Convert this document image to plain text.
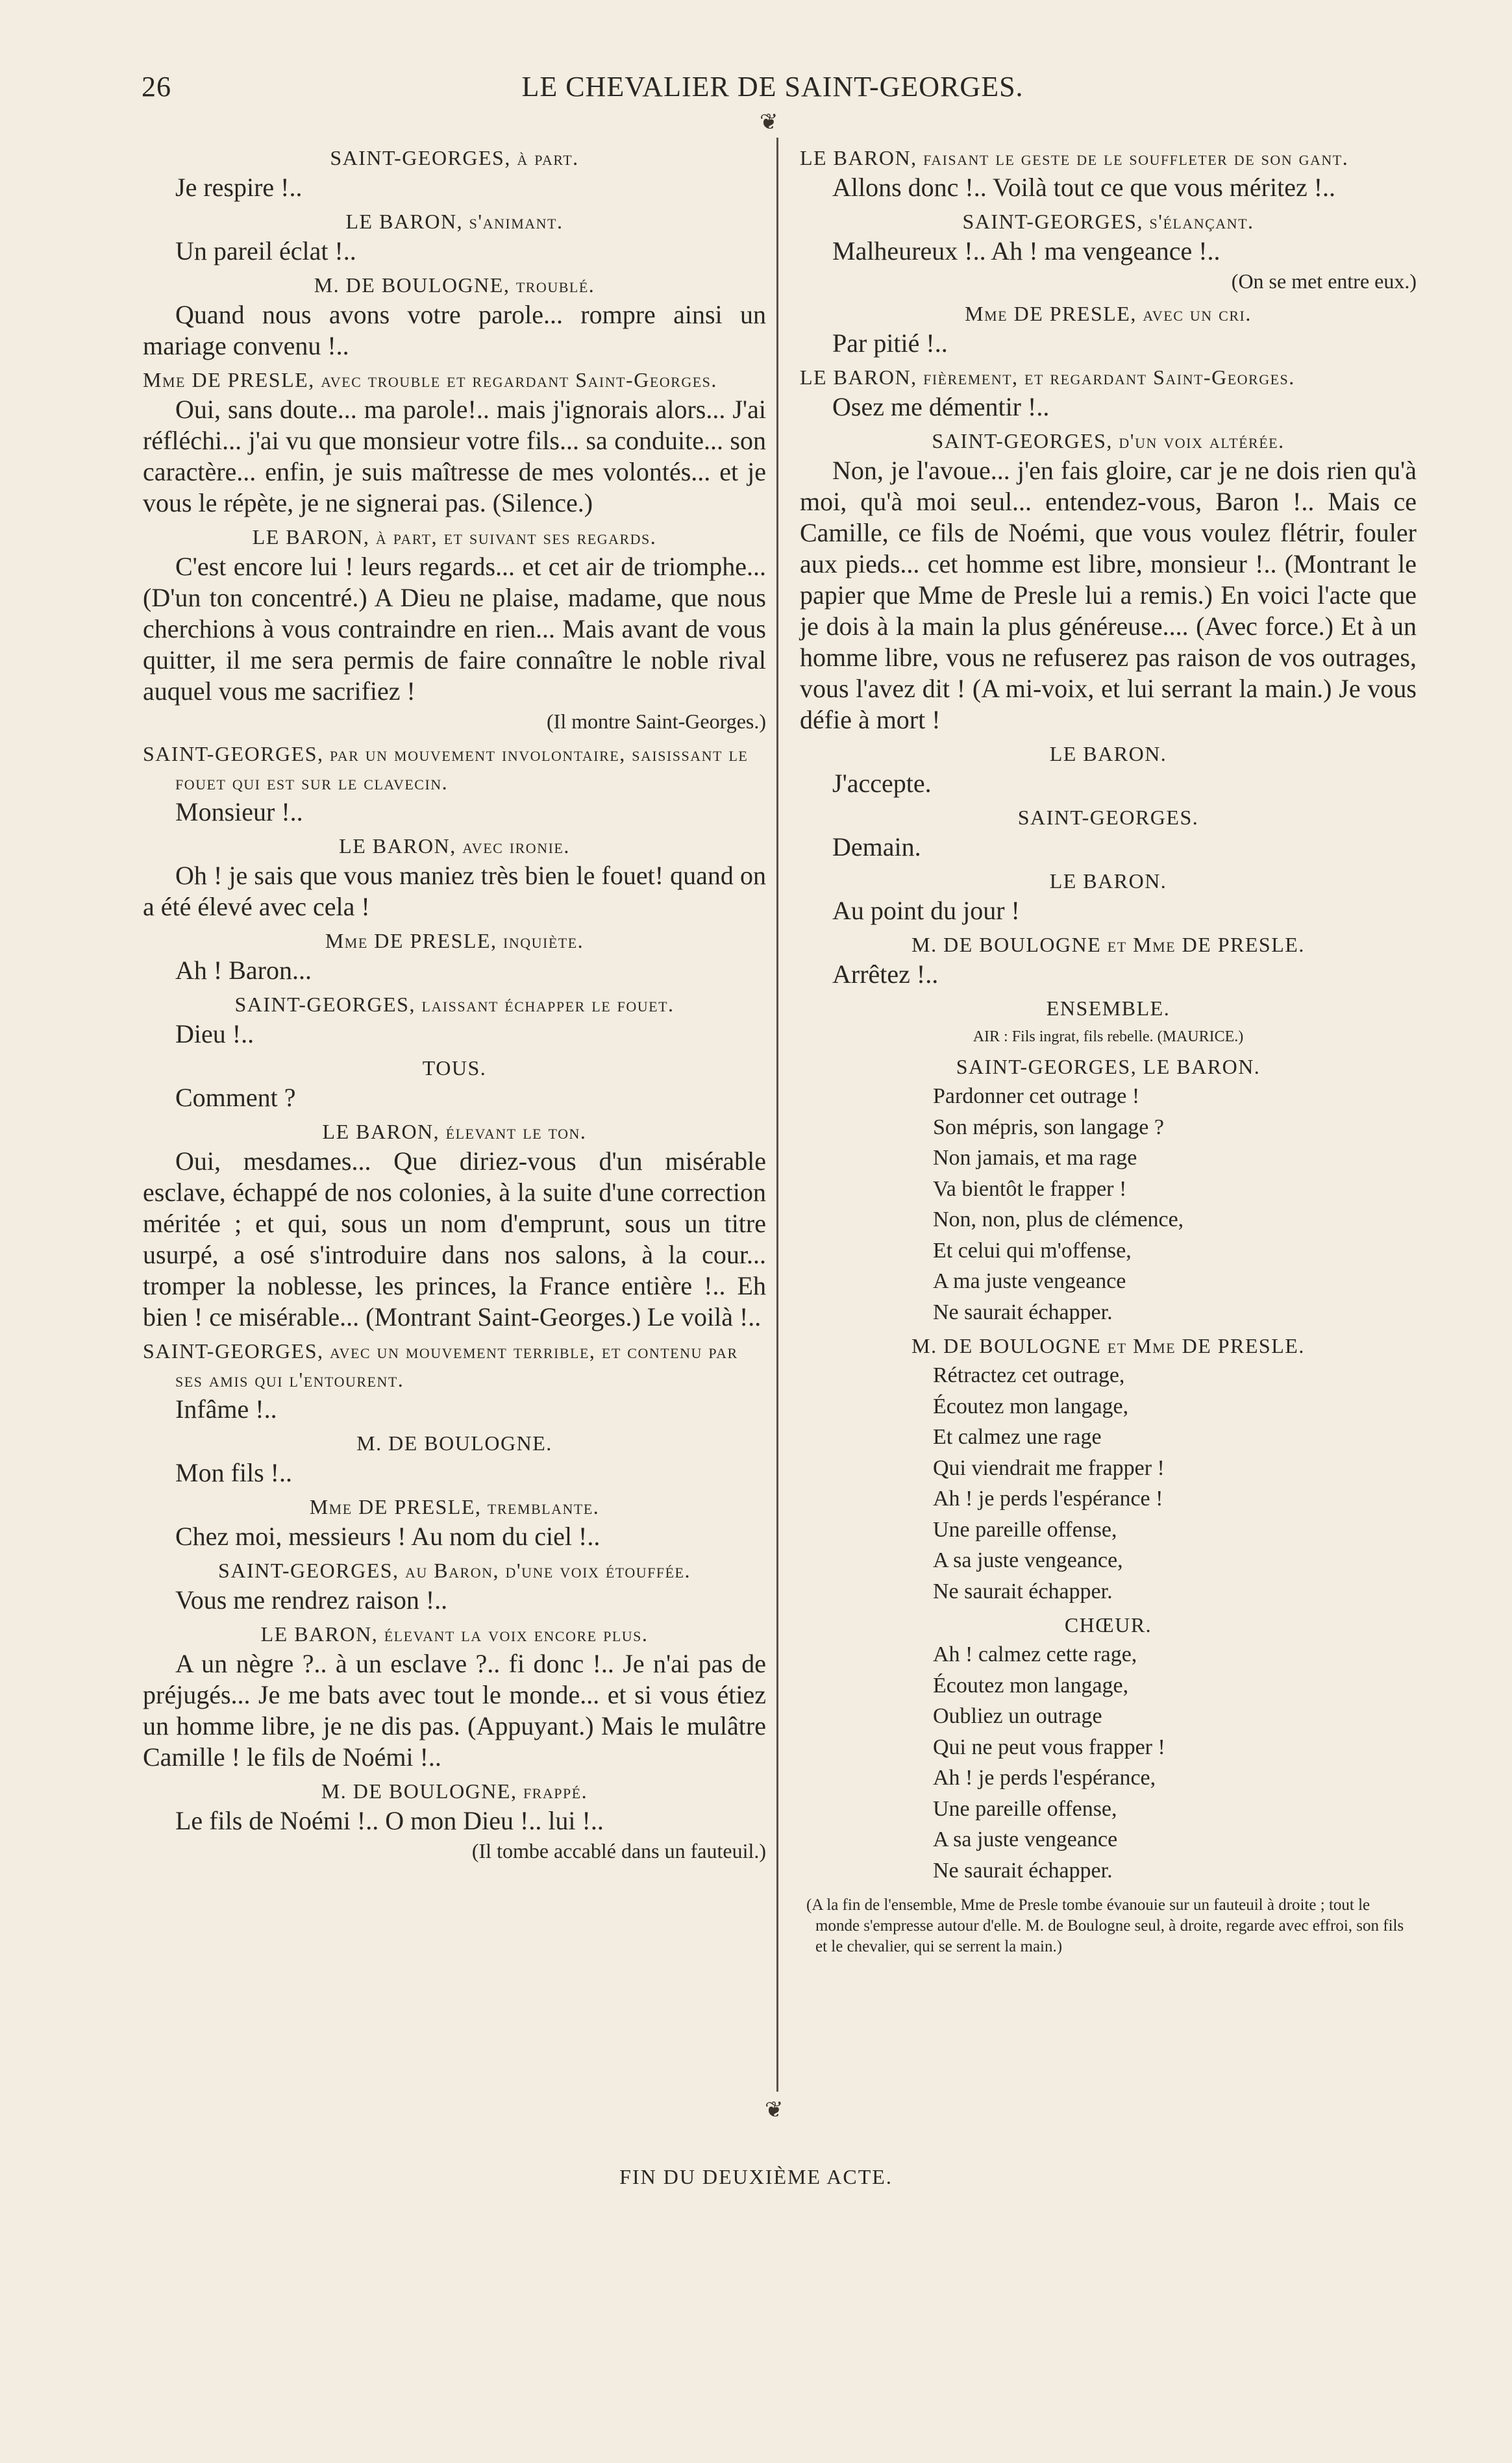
26	LE CHEVALIER DE SAINT-GEORGES.
❦

SAINT-GEORGES, à part.

Je respire !..

LE BARON, s'animant.

Un pareil éclat !..

M. DE BOULOGNE, troublé.

Quand nous avons votre parole... rompre ainsi un mariage convenu !..

Mme DE PRESLE, avec trouble et regardant Saint-Georges.

Oui, sans doute... ma parole!.. mais j'ignorais alors... J'ai réfléchi... j'ai vu que monsieur votre fils... sa conduite... son caractère... enfin, je suis maîtresse de mes volontés... et je vous le répète, je ne signerai pas. (Silence.)

LE BARON, à part, et suivant ses regards.

C'est encore lui ! leurs regards... et cet air de triomphe... (D'un ton concentré.) A Dieu ne plaise, madame, que nous cherchions à vous contraindre en rien... Mais avant de vous quitter, il me sera permis de faire connaître le noble rival auquel vous me sacrifiez !

(Il montre Saint-Georges.)

SAINT-GEORGES, par un mouvement involontaire, saisissant le fouet qui est sur le clavecin.

Monsieur !..

LE BARON, avec ironie.

Oh ! je sais que vous maniez très bien le fouet! quand on a été élevé avec cela !

Mme DE PRESLE, inquiète.

Ah ! Baron...

SAINT-GEORGES, laissant échapper le fouet.

Dieu !..

TOUS.

Comment ?

LE BARON, élevant le ton.

Oui, mesdames... Que diriez-vous d'un misérable esclave, échappé de nos colonies, à la suite d'une correction méritée ; et qui, sous un nom d'emprunt, sous un titre usurpé, a osé s'introduire dans nos salons, à la cour... tromper la noblesse, les princes, la France entière !.. Eh bien ! ce misérable... (Montrant Saint-Georges.) Le voilà !..

SAINT-GEORGES, avec un mouvement terrible, et contenu par ses amis qui l'entourent.

Infâme !..

M. DE BOULOGNE.

Mon fils !..

Mme DE PRESLE, tremblante.

Chez moi, messieurs ! Au nom du ciel !..

SAINT-GEORGES, au Baron, d'une voix étouffée.

Vous me rendrez raison !..

LE BARON, élevant la voix encore plus.

A un nègre ?.. à un esclave ?.. fi donc !.. Je n'ai pas de préjugés... Je me bats avec tout le monde... et si vous étiez un homme libre, je ne dis pas. (Appuyant.) Mais le mulâtre Camille ! le fils de Noémi !..

M. DE BOULOGNE, frappé.

Le fils de Noémi !.. O mon Dieu !.. lui !..

(Il tombe accablé dans un fauteuil.)

LE BARON, faisant le geste de le souffleter de son gant.

Allons donc !.. Voilà tout ce que vous méritez !..

SAINT-GEORGES, s'élançant.

Malheureux !.. Ah ! ma vengeance !..

(On se met entre eux.)

Mme DE PRESLE, avec un cri.

Par pitié !..

LE BARON, fièrement, et regardant Saint-Georges.

Osez me démentir !..

SAINT-GEORGES, d'un voix altérée.

Non, je l'avoue... j'en fais gloire, car je ne dois rien qu'à moi, qu'à moi seul... entendez-vous, Baron !.. Mais ce Camille, ce fils de Noémi, que vous voulez flétrir, fouler aux pieds... cet homme est libre, monsieur !.. (Montrant le papier que Mme de Presle lui a remis.) En voici l'acte que je dois à la main la plus généreuse.... (Avec force.) Et à un homme libre, vous ne refuserez pas raison de vos outrages, vous l'avez dit ! (A mi-voix, et lui serrant la main.) Je vous défie à mort !

LE BARON.

J'accepte.

SAINT-GEORGES.

Demain.

LE BARON.

Au point du jour !

M. DE BOULOGNE et Mme DE PRESLE.

Arrêtez !..

ENSEMBLE.

AIR : Fils ingrat, fils rebelle. (MAURICE.)

SAINT-GEORGES, LE BARON.

Pardonner cet outrage !

Son mépris, son langage ?

Non jamais, et ma rage

Va bientôt le frapper !

Non, non, plus de clémence,

Et celui qui m'offense,

A ma juste vengeance

Ne saurait échapper.

M. DE BOULOGNE et Mme DE PRESLE.

Rétractez cet outrage,

Écoutez mon langage,

Et calmez une rage

Qui viendrait me frapper !

Ah ! je perds l'espérance !

Une pareille offense,

A sa juste vengeance,

Ne saurait échapper.

CHŒUR.

Ah ! calmez cette rage,

Écoutez mon langage,

Oubliez un outrage

Qui ne peut vous frapper !

Ah ! je perds l'espérance,

Une pareille offense,

A sa juste vengeance

Ne saurait échapper.

(A la fin de l'ensemble, Mme de Presle tombe évanouie sur un fauteuil à droite ; tout le monde s'empresse autour d'elle. M. de Boulogne seul, à droite, regarde avec effroi, son fils et le chevalier, qui se serrent la main.)

❦
FIN DU DEUXIÈME ACTE.
